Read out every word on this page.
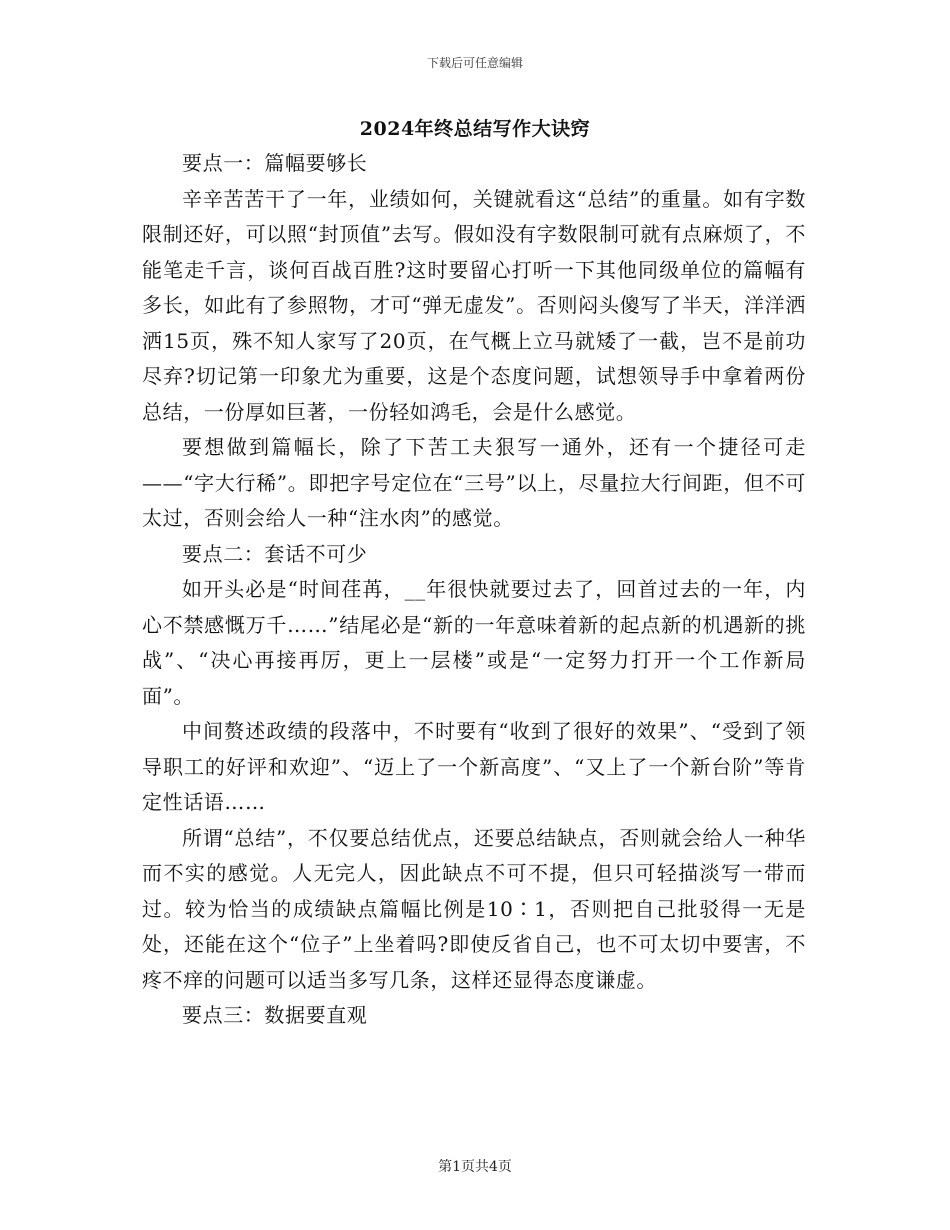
下载后可任意编辑
2024年终总结写作大诀窍

要点一：篇幅要够长

辛辛苦苦干了一年，业绩如何，关键就看这“总结”的重量。如有字数限制还好，可以照“封顶值”去写。假如没有字数限制可就有点麻烦了，不能笔走千言，谈何百战百胜?这时要留心打听一下其他同级单位的篇幅有多长，如此有了参照物，才可“弹无虚发”。否则闷头傻写了半天，洋洋洒洒15页，殊不知人家写了20页，在气概上立马就矮了一截，岂不是前功尽弃?切记第一印象尤为重要，这是个态度问题，试想领导手中拿着两份总结，一份厚如巨著，一份轻如鸿毛，会是什么感觉。

要想做到篇幅长，除了下苦工夫狠写一通外，还有一个捷径可走——“字大行稀”。即把字号定位在“三号”以上，尽量拉大行间距，但不可太过，否则会给人一种“注水肉”的感觉。

要点二：套话不可少

如开头必是“时间荏苒，__年很快就要过去了，回首过去的一年，内心不禁感慨万千……”结尾必是“新的一年意味着新的起点新的机遇新的挑战”、“决心再接再厉，更上一层楼”或是“一定努力打开一个工作新局面”。

中间赘述政绩的段落中，不时要有“收到了很好的效果”、“受到了领导职工的好评和欢迎”、“迈上了一个新高度”、“又上了一个新台阶”等肯定性话语……

所谓“总结”，不仅要总结优点，还要总结缺点，否则就会给人一种华而不实的感觉。人无完人，因此缺点不可不提，但只可轻描淡写一带而过。较为恰当的成绩缺点篇幅比例是10∶1，否则把自己批驳得一无是处，还能在这个“位子”上坐着吗?即使反省自己，也不可太切中要害，不疼不痒的问题可以适当多写几条，这样还显得态度谦虚。

要点三：数据要直观

第1页共4页
